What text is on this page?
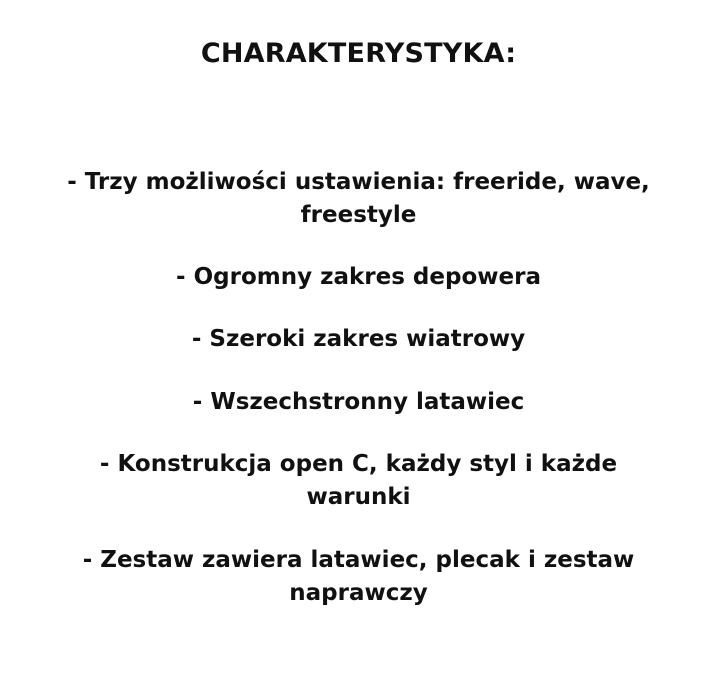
CHARAKTERYSTYKA:
- Trzy możliwości ustawienia: freeride, wave,
freestyle
- Ogromny zakres depowera
- Szeroki zakres wiatrowy
- Wszechstronny latawiec
- Konstrukcja open C, każdy styl i każde
warunki
- Zestaw zawiera latawiec, plecak i zestaw
naprawczy
